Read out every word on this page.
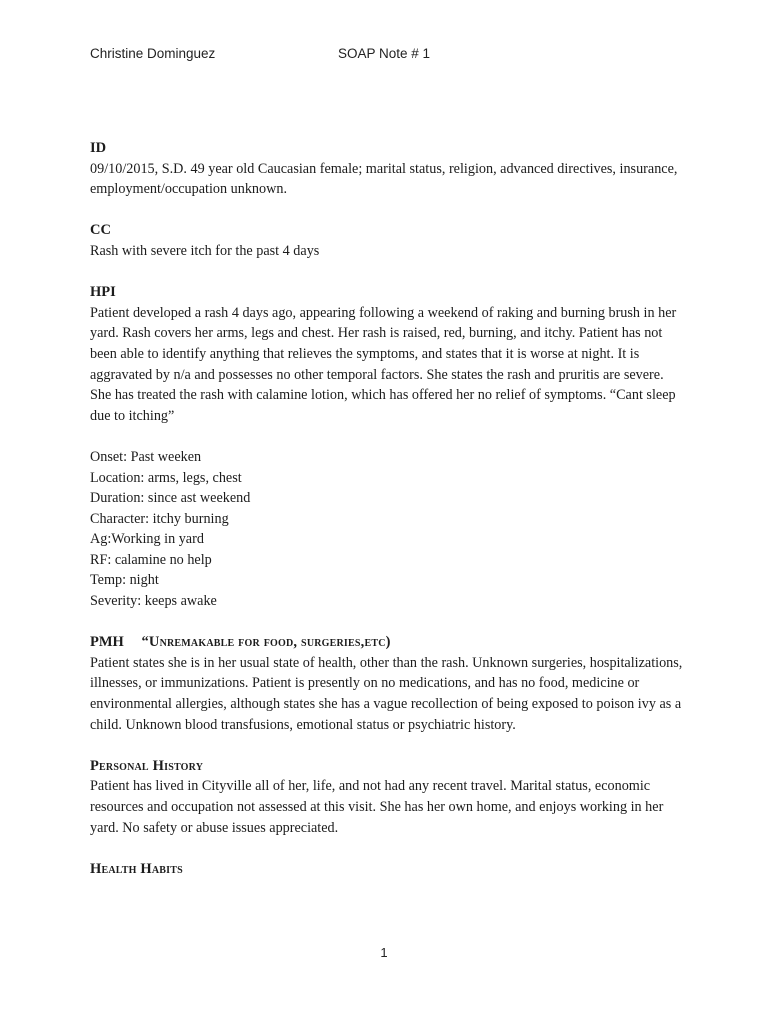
Christine Dominguez	SOAP Note # 1
ID

09/10/2015, S.D. 49 year old Caucasian female; marital status, religion, advanced directives, insurance, employment/occupation unknown.

CC

Rash with severe itch for the past 4 days

HPI

Patient developed a rash 4 days ago, appearing following a weekend of raking and burning brush in her yard. Rash covers her arms, legs and chest. Her rash is raised, red, burning, and itchy. Patient has not been able to identify anything that relieves the symptoms, and states that it is worse at night. It is aggravated by n/a and possesses no other temporal factors. She states the rash and pruritis are severe. She has treated the rash with calamine lotion, which has offered her no relief of symptoms. “Cant sleep due to itching”

Onset: Past weeken
Location: arms, legs, chest
Duration: since ast weekend
Character: itchy burning
Ag:Working in yard
RF: calamine no help
Temp: night
Severity: keeps awake
PMH “Unremakable for food, surgeries,etc)

Patient states she is in her usual state of health, other than the rash. Unknown surgeries, hospitalizations, illnesses, or immunizations. Patient is presently on no medications, and has no food, medicine or environmental allergies, although states she has a vague recollection of being exposed to poison ivy as a child. Unknown blood transfusions, emotional status or psychiatric history.

Personal History

Patient has lived in Cityville all of her, life, and not had any recent travel. Marital status, economic resources and occupation not assessed at this visit. She has her own home, and enjoys working in her yard. No safety or abuse issues appreciated.

Health Habits
1
